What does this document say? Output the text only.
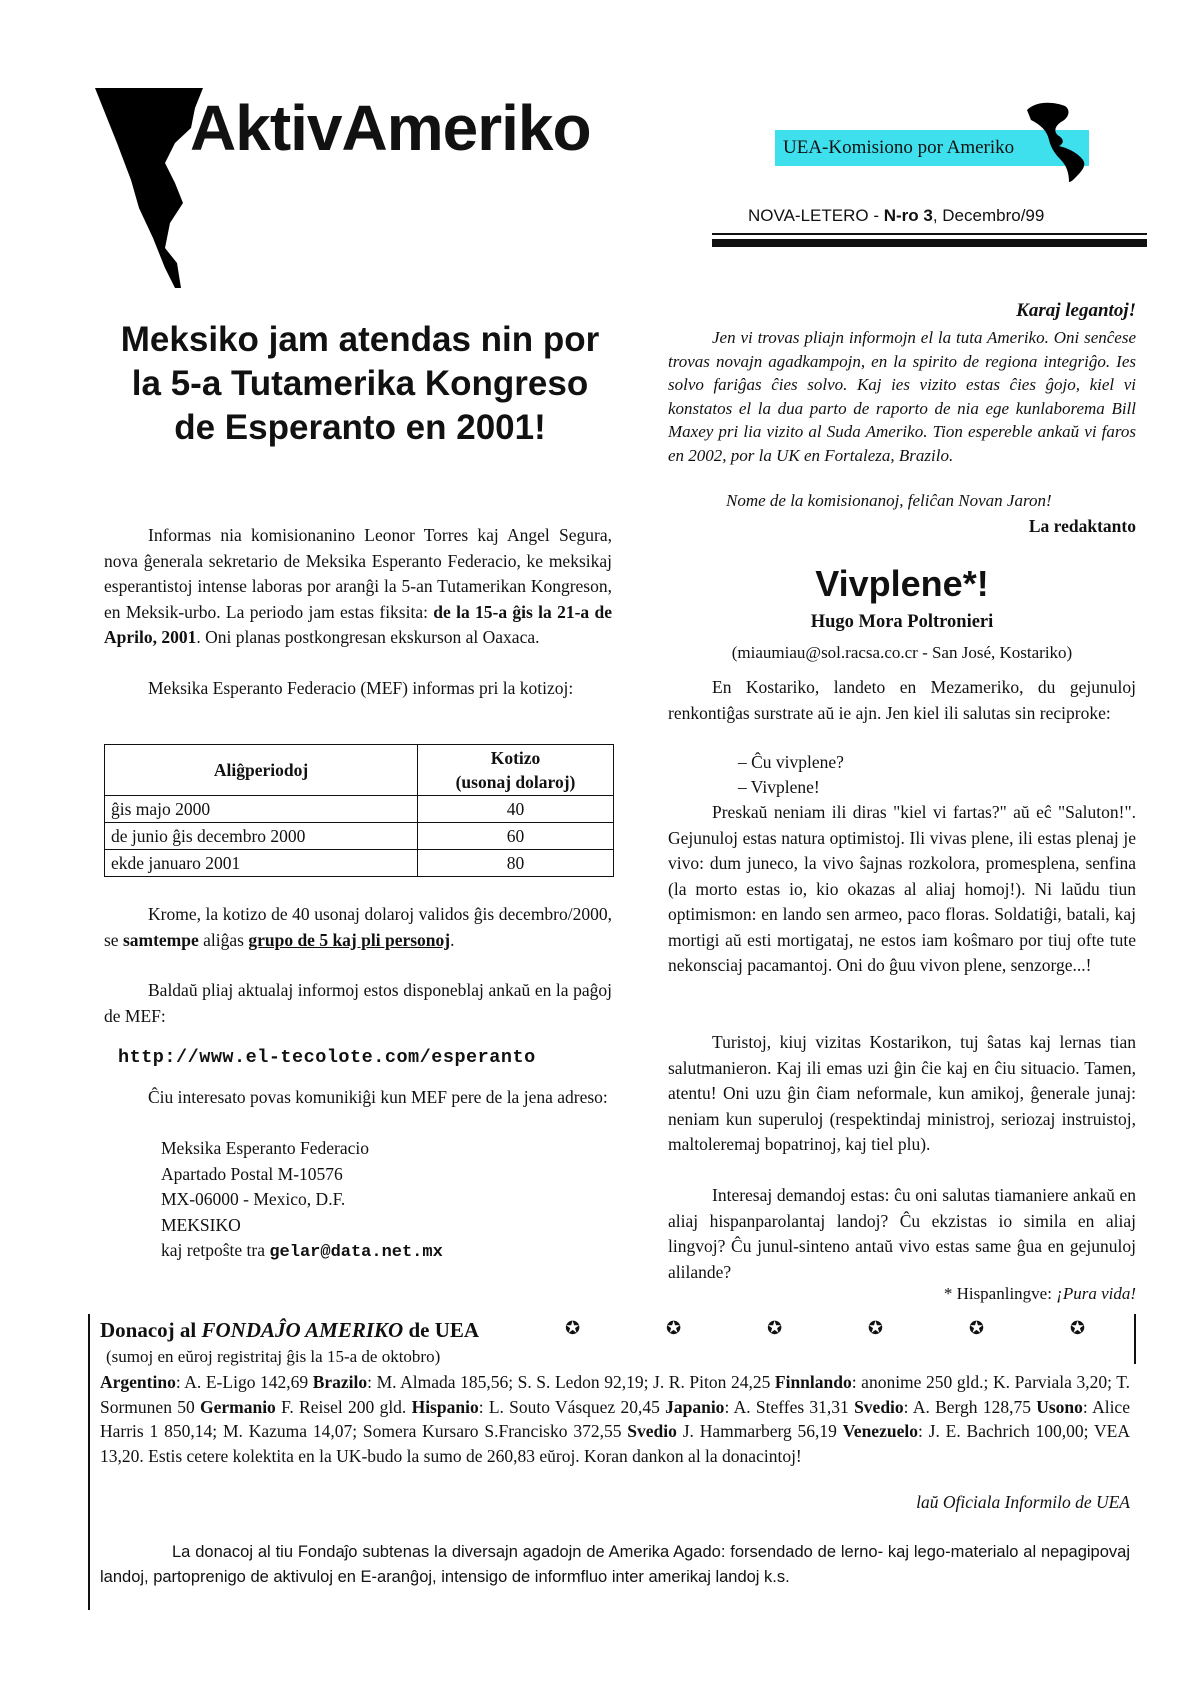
AktivAmeriko	UEA-Komisiono por Ameriko
NOVA-LETERO - N-ro 3, Decembro/99
Meksiko jam atendas nin por la 5-a Tutamerika Kongreso de Esperanto en 2001!
Informas nia komisionanino Leonor Torres kaj Angel Segura, nova ĝenerala sekretario de Meksika Esperanto Federacio, ke meksikaj esperantistoj intense laboras por aranĝi la 5-an Tutamerikan Kongreson, en Meksik-urbo. La periodo jam estas fiksita: de la 15-a ĝis la 21-a de Aprilo, 2001. Oni planas postkongresan ekskurson al Oaxaca.
Meksika Esperanto Federacio (MEF) informas pri la kotizoj:
Aliĝperiodoj	Kotizo
(usonaj dolaroj)

ĝis majo 2000	40
de junio ĝis decembro 2000	60
ekde januaro 2001	80
Krome, la kotizo de 40 usonaj dolaroj validos ĝis decembro/2000, se samtempe aliĝas grupo de 5 kaj pli personoj.
Baldaŭ pliaj aktualaj informoj estos disponeblaj ankaŭ en la paĝoj de MEF:
http://www.el-tecolote.com/esperanto
Ĉiu interesato povas komunikiĝi kun MEF pere de la jena adreso:
Meksika Esperanto Federacio
Apartado Postal M-10576
MX-06000 - Mexico, D.F.
MEKSIKO
kaj retpoŝte tra gelar@data.net.mx
Karaj legantoj!
Jen vi trovas pliajn informojn el la tuta Ameriko. Oni senĉese trovas novajn agadkampojn, en la spirito de regiona integriĝo. Ies solvo fariĝas ĉies solvo. Kaj ies vizito estas ĉies ĝojo, kiel vi konstatos el la dua parto de raporto de nia ege kunlaborema Bill Maxey pri lia vizito al Suda Ameriko. Tion espereble ankaŭ vi faros en 2002, por la UK en Fortaleza, Brazilo.
Nome de la komisionanoj, feliĉan Novan Jaron!
La redaktanto
Vivplene*!
Hugo Mora Poltronieri
(miaumiau@sol.racsa.co.cr - San José, Kostariko)
En Kostariko, landeto en Mezameriko, du gejunuloj renkontiĝas surstrate aŭ ie ajn. Jen kiel ili salutas sin reciproke:
– Ĉu vivplene?
– Vivplene!
Preskaŭ neniam ili diras "kiel vi fartas?" aŭ eĉ "Saluton!". Gejunuloj estas natura optimistoj. Ili vivas plene, ili estas plenaj je vivo: dum juneco, la vivo ŝajnas rozkolora, promesplena, senfina (la morto estas io, kio okazas al aliaj homoj!). Ni laŭdu tiun optimismon: en lando sen armeo, paco floras. Soldatiĝi, batali, kaj mortigi aŭ esti mortigataj, ne estos iam koŝmaro por tiuj ofte tute nekonsciaj pacamantoj. Oni do ĝuu vivon plene, senzorge...!
Turistoj, kiuj vizitas Kostarikon, tuj ŝatas kaj lernas tian salutmanieron. Kaj ili emas uzi ĝin ĉie kaj en ĉiu situacio. Tamen, atentu! Oni uzu ĝin ĉiam neformale, kun amikoj, ĝenerale junaj: neniam kun superuloj (respektindaj ministroj, seriozaj instruistoj, maltoleremaj bopatrinoj, kaj tiel plu).
Interesaj demandoj estas: ĉu oni salutas tiamaniere ankaŭ en aliaj hispanparolantaj landoj? Ĉu ekzistas io simila en aliaj lingvoj? Ĉu junul-sinteno antaŭ vivo estas same ĝua en gejunuloj alilande?
* Hispanlingve: ¡Pura vida!
Donacoj al FONDAĴO AMERIKO de UEA	✪	✪	✪	✪	✪	✪
(sumoj en eŭroj registritaj ĝis la 15-a de oktobro)
Argentino: A. E-Ligo 142,69 Brazilo: M. Almada 185,56; S. S. Ledon 92,19; J. R. Piton 24,25 Finnlando: anonime 250 gld.; K. Parviala 3,20; T. Sormunen 50 Germanio F. Reisel 200 gld. Hispanio: L. Souto Vásquez 20,45 Japanio: A. Steffes 31,31 Svedio: A. Bergh 128,75 Usono: Alice Harris 1 850,14; M. Kazuma 14,07; Somera Kursaro S.Francisko 372,55 Svedio J. Hammarberg 56,19 Venezuelo: J. E. Bachrich 100,00; VEA 13,20. Estis cetere kolektita en la UK-budo la sumo de 260,83 eŭroj. Koran dankon al la donacintoj!
laŭ Oficiala Informilo de UEA
La donacoj al tiu Fondaĵo subtenas la diversajn agadojn de Amerika Agado: forsendado de lerno- kaj lego-materialo al nepagipovaj landoj, partoprenigo de aktivuloj en E-aranĝoj, intensigo de informfluo inter amerikaj landoj k.s.
